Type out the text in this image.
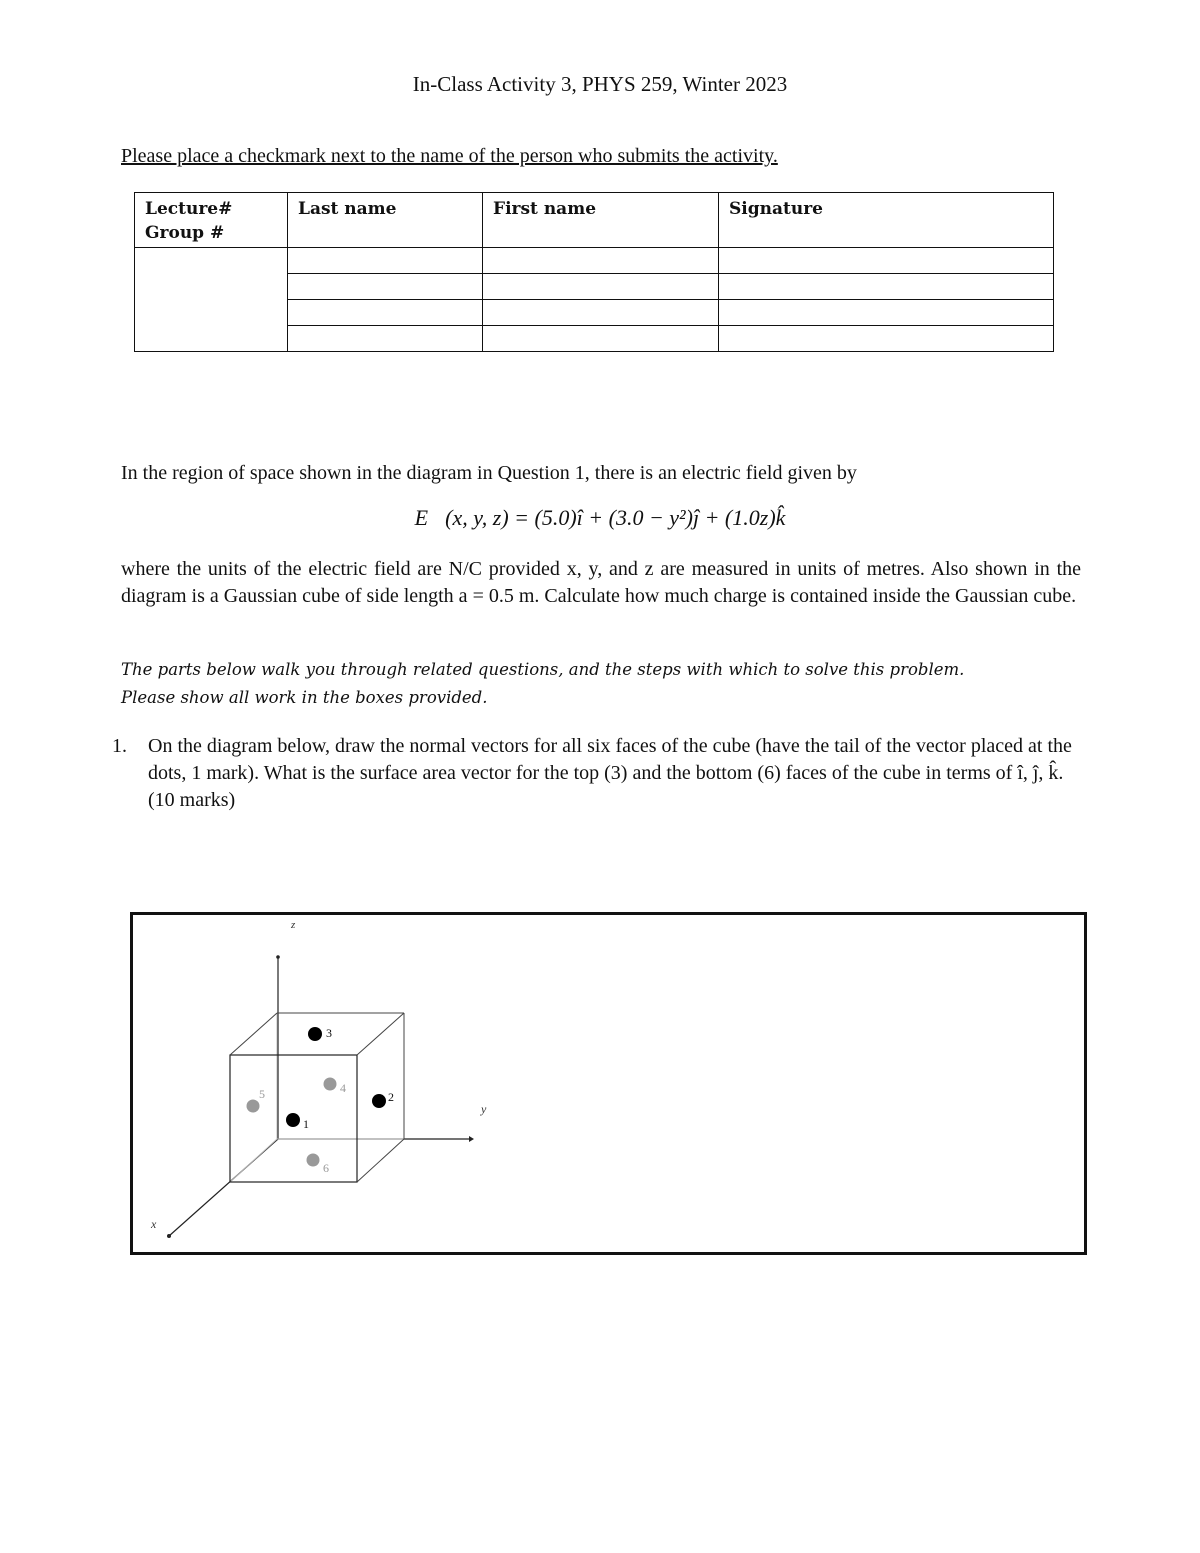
In-Class Activity 3, PHYS 259, Winter 2023
Please place a checkmark next to the name of the person who submits the activity.
Lecture#
Group #	Last name	First name	Signature

In the region of space shown in the diagram in Question 1, there is an electric field given by
E⃗(x, y, z) = (5.0)î + (3.0 − y²)ĵ + (1.0z)k̂
where the units of the electric field are N/C provided x, y, and z are measured in units of metres. Also shown in the diagram is a Gaussian cube of side length a = 0.5 m. Calculate how much charge is contained inside the Gaussian cube.
The parts below walk you through related questions, and the steps with which to solve this problem.
Please show all work in the boxes provided.
1. On the diagram below, draw the normal vectors for all six faces of the cube (have the tail of the vector placed at the dots, 1 mark). What is the surface area vector for the top (3) and the bottom (6) faces of the cube in terms of î, ĵ, k̂. (10 marks)
3
4
5	2
1
6
z
y
x
